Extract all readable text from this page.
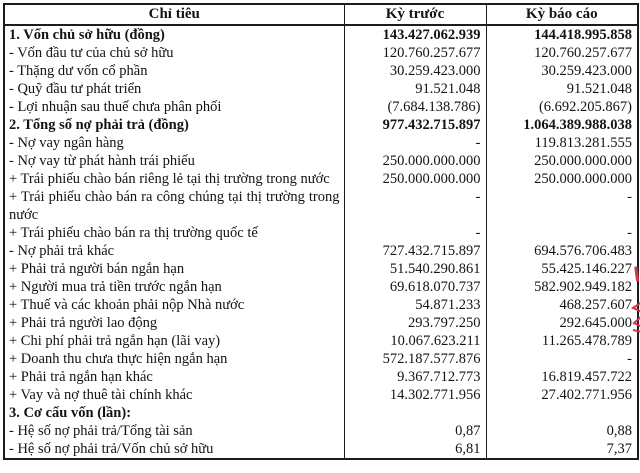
Chỉ tiêu	Kỳ trước	Kỳ báo cáo
1. Vốn chủ sở hữu (đồng)	143.427.062.939	144.418.995.858
- Vốn đầu tư của chủ sở hữu	120.760.257.677	120.760.257.677
- Thặng dư vốn cổ phần	30.259.423.000	30.259.423.000
- Quỹ đầu tư phát triển	91.521.048	91.521.048
- Lợi nhuận sau thuế chưa phân phối	(7.684.138.786)	(6.692.205.867)
2. Tổng số nợ phải trả (đồng)	977.432.715.897	1.064.389.988.038
- Nợ vay ngân hàng	-	119.813.281.555
- Nợ vay từ phát hành trái phiếu	250.000.000.000	250.000.000.000
+ Trái phiếu chào bán riêng lẻ tại thị trường trong nước	250.000.000.000	250.000.000.000
+ Trái phiếu chào bán ra công chúng tại thị trường trong nước	-	-
+ Trái phiếu chào bán ra thị trường quốc tế	-	-
- Nợ phải trả khác	727.432.715.897	694.576.706.483
+ Phải trả người bán ngắn hạn	51.540.290.861	55.425.146.227
+ Người mua trả tiền trước ngắn hạn	69.618.070.737	582.902.949.182
+ Thuế và các khoản phải nộp Nhà nước	54.871.233	468.257.607
+ Phải trả người lao động	293.797.250	292.645.000
+ Chi phí phải trả ngắn hạn (lãi vay)	10.067.623.211	11.265.478.789
+ Doanh thu chưa thực hiện ngắn hạn	572.187.577.876	-
+ Phải trả ngắn hạn khác	9.367.712.773	16.819.457.722
+ Vay và nợ thuê tài chính khác	14.302.771.956	27.402.771.956
3. Cơ cấu vốn (lần):		
- Hệ số nợ phải trả/Tổng tài sản	0,87	0,88
- Hệ số nợ phải trả/Vốn chủ sở hữu	6,81	7,37
